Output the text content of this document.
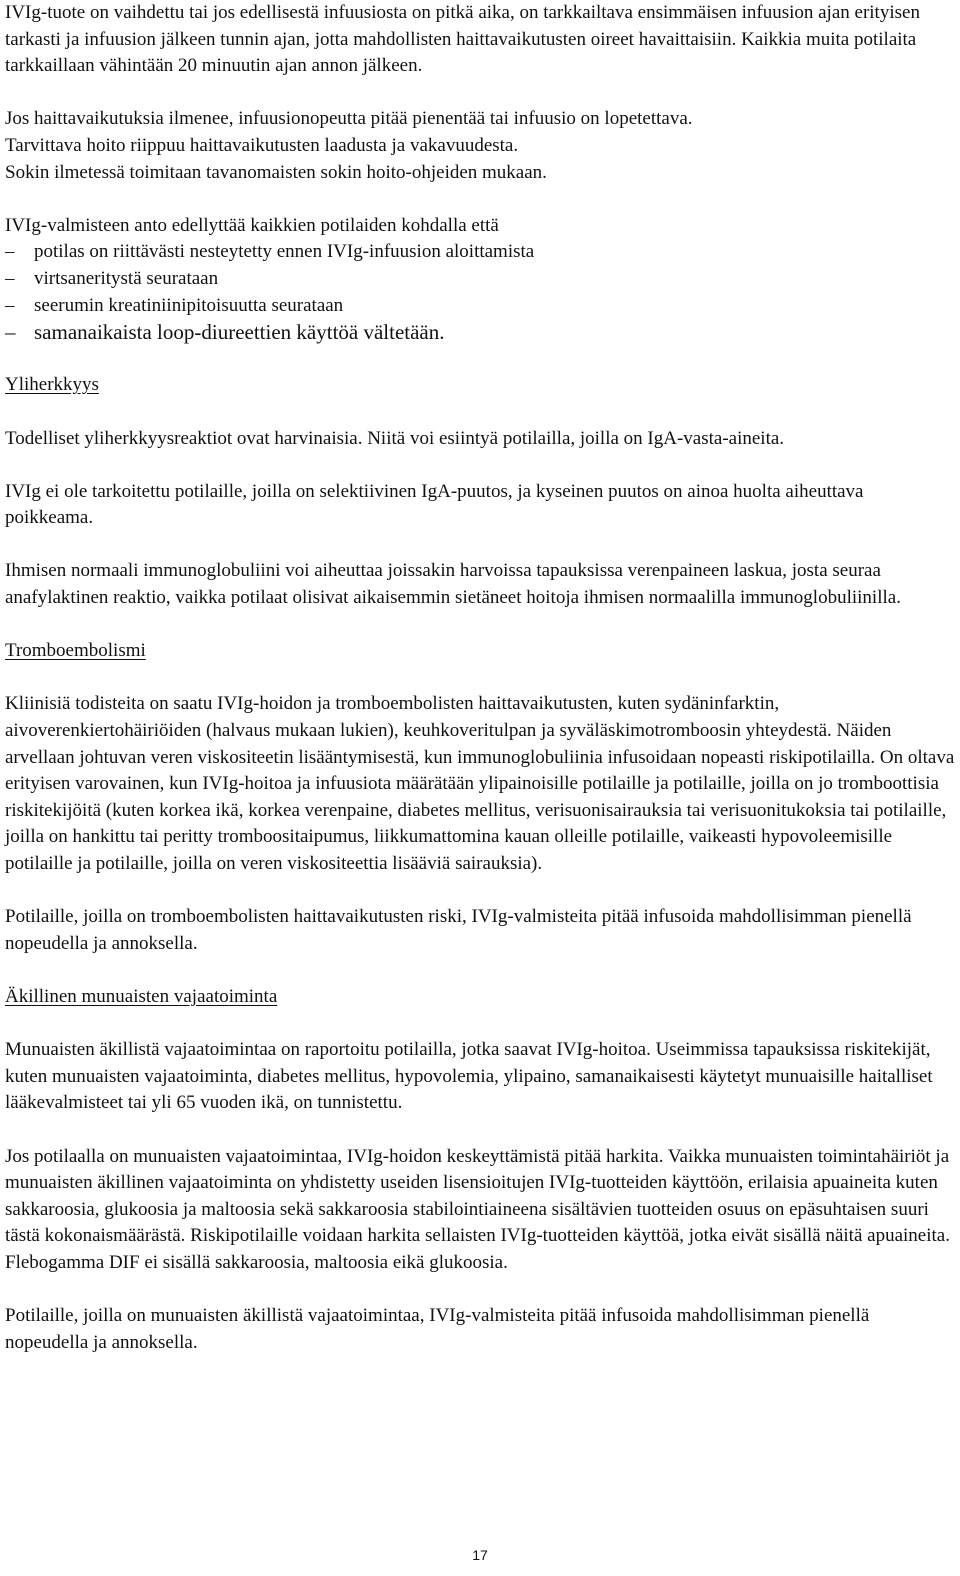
IVIg-tuote on vaihdettu tai jos edellisestä infuusiosta on pitkä aika, on tarkkailtava ensimmäisen infuusion ajan erityisen tarkasti ja infuusion jälkeen tunnin ajan, jotta mahdollisten haittavaikutusten oireet havaittaisiin. Kaikkia muita potilaita tarkkaillaan vähintään 20 minuutin ajan annon jälkeen.

Jos haittavaikutuksia ilmenee, infuusionopeutta pitää pienentää tai infuusio on lopetettava.

Tarvittava hoito riippuu haittavaikutusten laadusta ja vakavuudesta.

Sokin ilmetessä toimitaan tavanomaisten sokin hoito-ohjeiden mukaan.

IVIg-valmisteen anto edellyttää kaikkien potilaiden kohdalla että

– potilas on riittävästi nesteytetty ennen IVIg-infuusion aloittamista
– virtsaneritystä seurataan
– seerumin kreatiniinipitoisuutta seurataan
– samanaikaista loop-diureettien käyttöä vältetään.

Yliherkkyys

Todelliset yliherkkyysreaktiot ovat harvinaisia. Niitä voi esiintyä potilailla, joilla on IgA-vasta-aineita.

IVIg ei ole tarkoitettu potilaille, joilla on selektiivinen IgA-puutos, ja kyseinen puutos on ainoa huolta aiheuttava poikkeama.

Ihmisen normaali immunoglobuliini voi aiheuttaa joissakin harvoissa tapauksissa verenpaineen laskua, josta seuraa anafylaktinen reaktio, vaikka potilaat olisivat aikaisemmin sietäneet hoitoja ihmisen normaalilla immunoglobuliinilla.

Tromboembolismi

Kliinisiä todisteita on saatu IVIg-hoidon ja tromboembolisten haittavaikutusten, kuten sydäninfarktin, aivoverenkiertohäiriöiden (halvaus mukaan lukien), keuhkoveritulpan ja syväläskimotromboosin yhteydestä. Näiden arvellaan johtuvan veren viskositeetin lisääntymisestä, kun immunoglobuliinia infusoidaan nopeasti riskipotilailla. On oltava erityisen varovainen, kun IVIg-hoitoa ja infuusiota määrätään ylipainoisille potilaille ja potilaille, joilla on jo tromboottisia riskitekijöitä (kuten korkea ikä, korkea verenpaine, diabetes mellitus, verisuonisairauksia tai verisuonitukoksia tai potilaille, joilla on hankittu tai peritty tromboositaipumus, liikkumattomina kauan olleille potilaille, vaikeasti hypovoleemisille potilaille ja potilaille, joilla on veren viskositeettia lisääviä sairauksia).

Potilaille, joilla on tromboembolisten haittavaikutusten riski, IVIg-valmisteita pitää infusoida mahdollisimman pienellä nopeudella ja annoksella.

Äkillinen munuaisten vajaatoiminta

Munuaisten äkillistä vajaatoimintaa on raportoitu potilailla, jotka saavat IVIg-hoitoa. Useimmissa tapauksissa riskitekijät, kuten munuaisten vajaatoiminta, diabetes mellitus, hypovolemia, ylipaino, samanaikaisesti käytetyt munuaisille haitalliset lääkevalmisteet tai yli 65 vuoden ikä, on tunnistettu.

Jos potilaalla on munuaisten vajaatoimintaa, IVIg-hoidon keskeyttämistä pitää harkita. Vaikka munuaisten toimintahäiriöt ja munuaisten äkillinen vajaatoiminta on yhdistetty useiden lisensioitujen IVIg-tuotteiden käyttöön, erilaisia apuaineita kuten sakkaroosia, glukoosia ja maltoosia sekä sakkaroosia stabilointiaineena sisältävien tuotteiden osuus on epäsuhtaisen suuri tästä kokonaismäärästä. Riskipotilaille voidaan harkita sellaisten IVIg-tuotteiden käyttöä, jotka eivät sisällä näitä apuaineita. Flebogamma DIF ei sisällä sakkaroosia, maltoosia eikä glukoosia.

Potilaille, joilla on munuaisten äkillistä vajaatoimintaa, IVIg-valmisteita pitää infusoida mahdollisimman pienellä nopeudella ja annoksella.

17
